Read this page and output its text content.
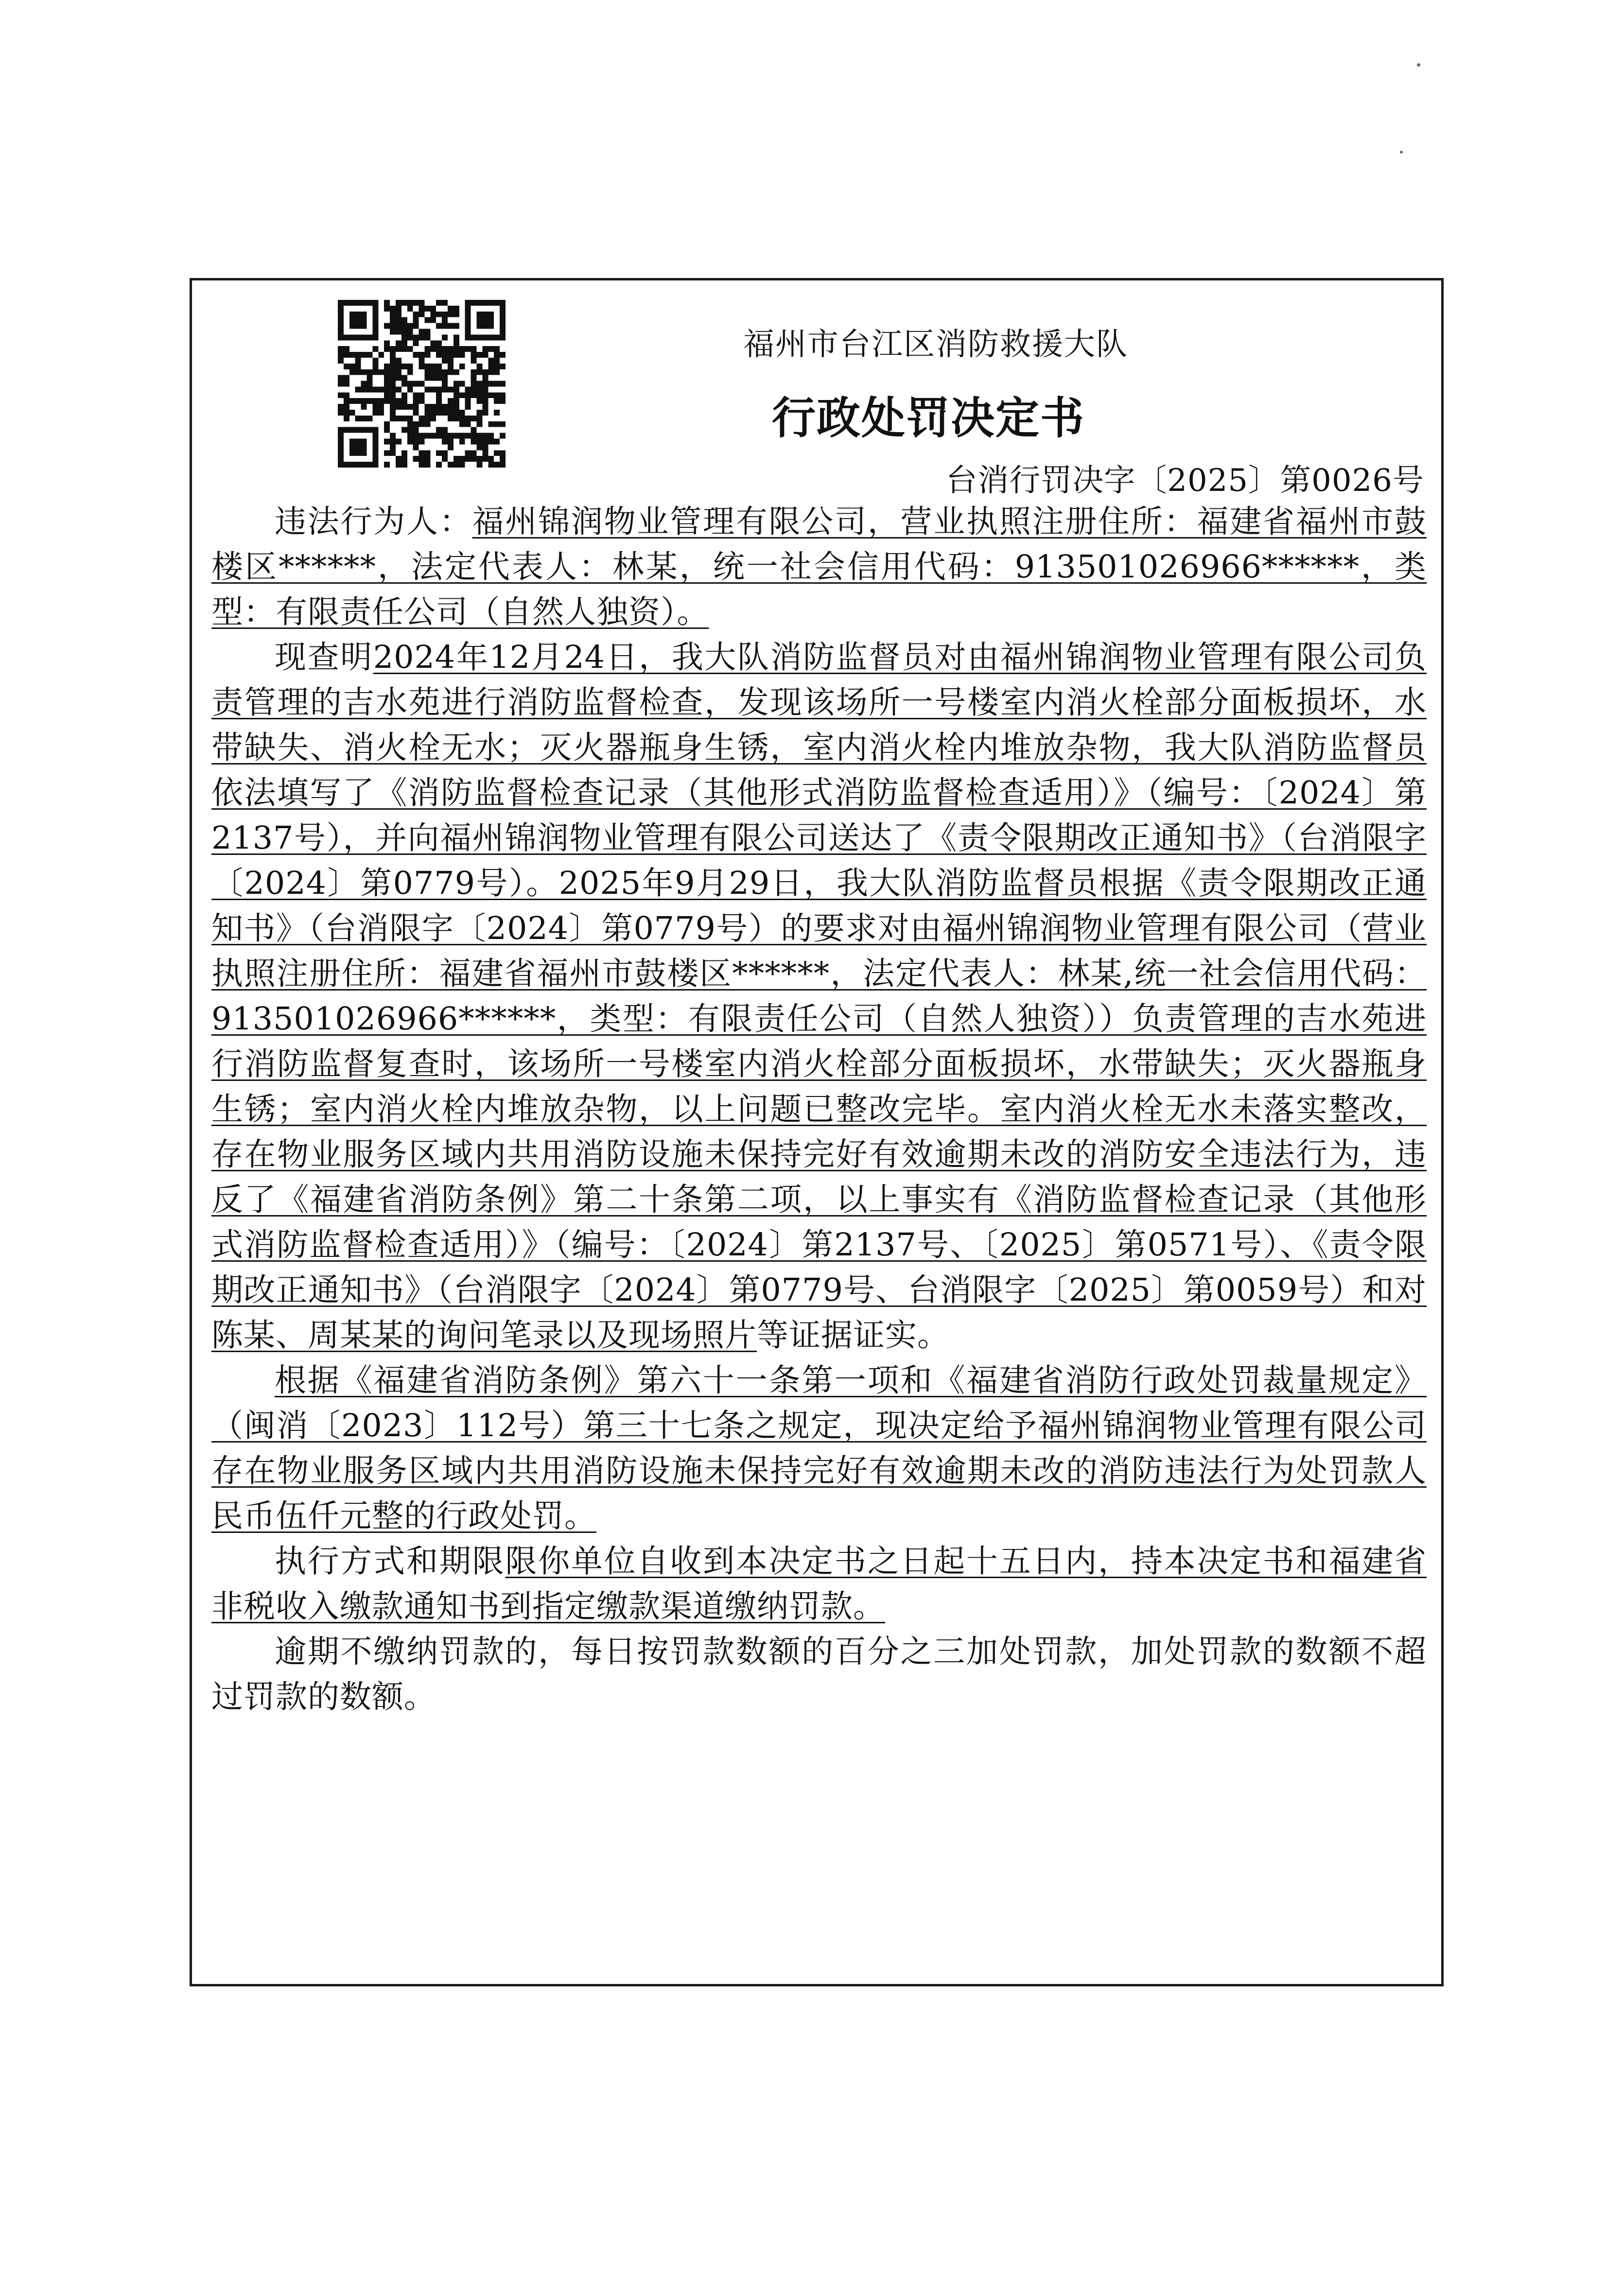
福州市台江区消防救援大队
行政处罚决定书
台消行罚决字〔2025〕第0026号

违法行为人：福州锦润物业管理有限公司，营业执照注册住所：福建省福州市鼓楼区******，法定代表人：林某，统一社会信用代码：913501026966******，类型：有限责任公司（自然人独资）。

现查明2024年12月24日，我大队消防监督员对由福州锦润物业管理有限公司负责管理的吉水苑进行消防监督检查，发现该场所一号楼室内消火栓部分面板损坏，水带缺失、消火栓无水；灭火器瓶身生锈，室内消火栓内堆放杂物，我大队消防监督员依法填写了《消防监督检查记录（其他形式消防监督检查适用）》（编号：〔2024〕第2137号），并向福州锦润物业管理有限公司送达了《责令限期改正通知书》（台消限字〔2024〕第0779号）。2025年9月29日，我大队消防监督员根据《责令限期改正通知书》（台消限字〔2024〕第0779号）的要求对由福州锦润物业管理有限公司（营业执照注册住所：福建省福州市鼓楼区******，法定代表人：林某,统一社会信用代码：913501026966******，类型：有限责任公司（自然人独资））负责管理的吉水苑进行消防监督复查时，该场所一号楼室内消火栓部分面板损坏，水带缺失；灭火器瓶身生锈；室内消火栓内堆放杂物，以上问题已整改完毕。室内消火栓无水未落实整改，存在物业服务区域内共用消防设施未保持完好有效逾期未改的消防安全违法行为，违反了《福建省消防条例》第二十条第二项，以上事实有《消防监督检查记录（其他形式消防监督检查适用）》（编号：〔2024〕第2137号、〔2025〕第0571号）、《责令限期改正通知书》（台消限字〔2024〕第0779号、台消限字〔2025〕第0059号）和对陈某、周某某的询问笔录以及现场照片等证据证实。

根据《福建省消防条例》第六十一条第一项和《福建省消防行政处罚裁量规定》（闽消〔2023〕112号）第三十七条之规定，现决定给予福州锦润物业管理有限公司存在物业服务区域内共用消防设施未保持完好有效逾期未改的消防违法行为处罚款人民币伍仟元整的行政处罚。

执行方式和期限限你单位自收到本决定书之日起十五日内，持本决定书和福建省非税收入缴款通知书到指定缴款渠道缴纳罚款。

逾期不缴纳罚款的，每日按罚款数额的百分之三加处罚款，加处罚款的数额不超过罚款的数额。
